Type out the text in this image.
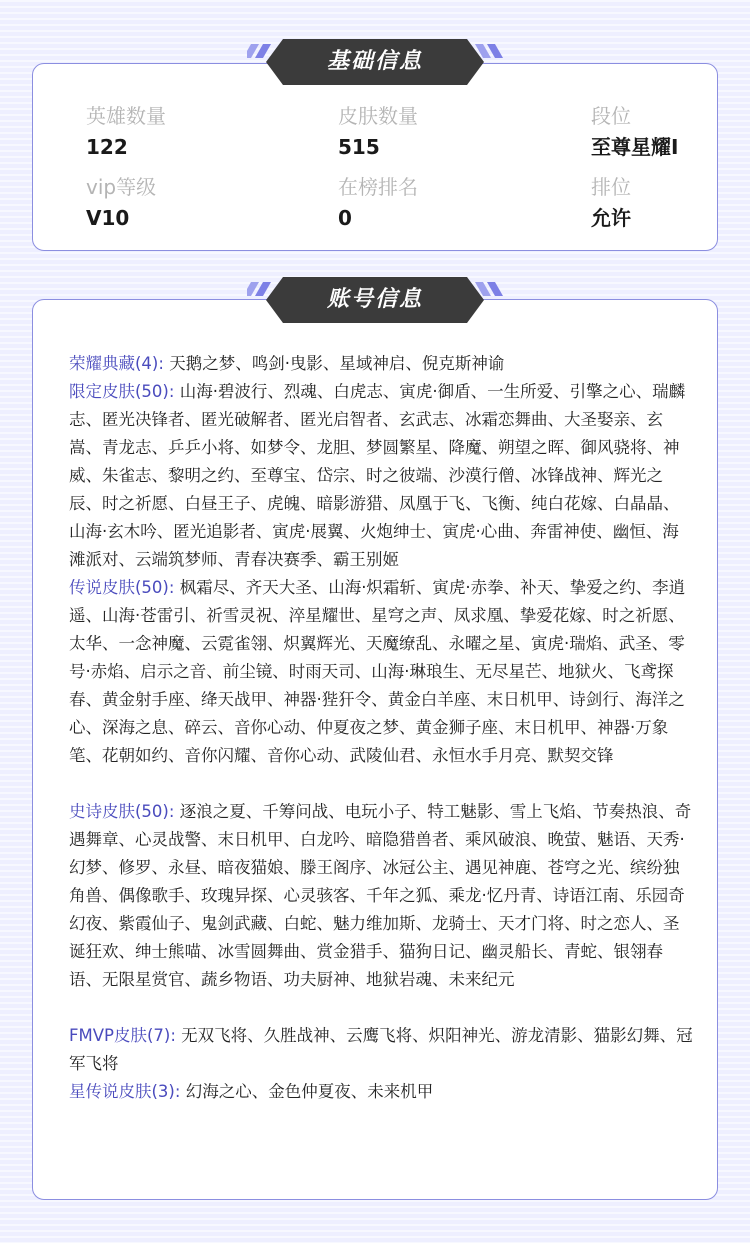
英雄数量
122
皮肤数量
515
段位
至尊星耀Ⅰ
vip等级
V10
在榜排名
0
排位
允许
基础信息
荣耀典藏(4): 天鹅之梦、鸣剑·曳影、星域神启、倪克斯神谕
限定皮肤(50): 山海·碧波行、烈魂、白虎志、寅虎·御盾、一生所爱、引擎之心、瑞麟志、匿光决锋者、匿光破解者、匿光启智者、玄武志、冰霜恋舞曲、大圣娶亲、玄嵩、青龙志、乒乒小将、如梦令、龙胆、梦圆繁星、降魔、朔望之晖、御风骁将、神威、朱雀志、黎明之约、至尊宝、岱宗、时之彼端、沙漠行僧、冰锋战神、辉光之辰、时之祈愿、白昼王子、虎魄、暗影游猎、凤凰于飞、飞衡、纯白花嫁、白晶晶、山海·玄木吟、匿光追影者、寅虎·展翼、火炮绅士、寅虎·心曲、奔雷神使、幽恒、海滩派对、云端筑梦师、青春决赛季、霸王别姬
传说皮肤(50): 枫霜尽、齐天大圣、山海·炽霜斩、寅虎·赤拳、补天、挚爱之约、李逍遥、山海·苍雷引、祈雪灵祝、淬星耀世、星穹之声、凤求凰、挚爱花嫁、时之祈愿、太华、一念神魔、云霓雀翎、炽翼辉光、天魔缭乱、永曜之星、寅虎·瑞焰、武圣、零号·赤焰、启示之音、前尘镜、时雨天司、山海·琳琅生、无尽星芒、地狱火、飞鸢探春、黄金射手座、绛天战甲、神器·狴犴令、黄金白羊座、末日机甲、诗剑行、海洋之心、深海之息、碎云、音你心动、仲夏夜之梦、黄金狮子座、末日机甲、神器·万象笔、花朝如约、音你闪耀、音你心动、武陵仙君、永恒水手月亮、默契交锋
史诗皮肤(50): 逐浪之夏、千筹问战、电玩小子、特工魅影、雪上飞焰、节奏热浪、奇遇舞章、心灵战警、末日机甲、白龙吟、暗隐猎兽者、乘风破浪、晚萤、魅语、天秀·幻梦、修罗、永昼、暗夜猫娘、滕王阁序、冰冠公主、遇见神鹿、苍穹之光、缤纷独角兽、偶像歌手、玫瑰异探、心灵骇客、千年之狐、乘龙·忆丹青、诗语江南、乐园奇幻夜、紫霞仙子、鬼剑武藏、白蛇、魅力维加斯、龙骑士、天才门将、时之恋人、圣诞狂欢、绅士熊喵、冰雪圆舞曲、赏金猎手、猫狗日记、幽灵船长、青蛇、银翎春语、无限星赏官、蔬乡物语、功夫厨神、地狱岩魂、未来纪元
FMVP皮肤(7): 无双飞将、久胜战神、云鹰飞将、炽阳神光、游龙清影、猫影幻舞、冠军飞将
星传说皮肤(3): 幻海之心、金色仲夏夜、未来机甲
账号信息
